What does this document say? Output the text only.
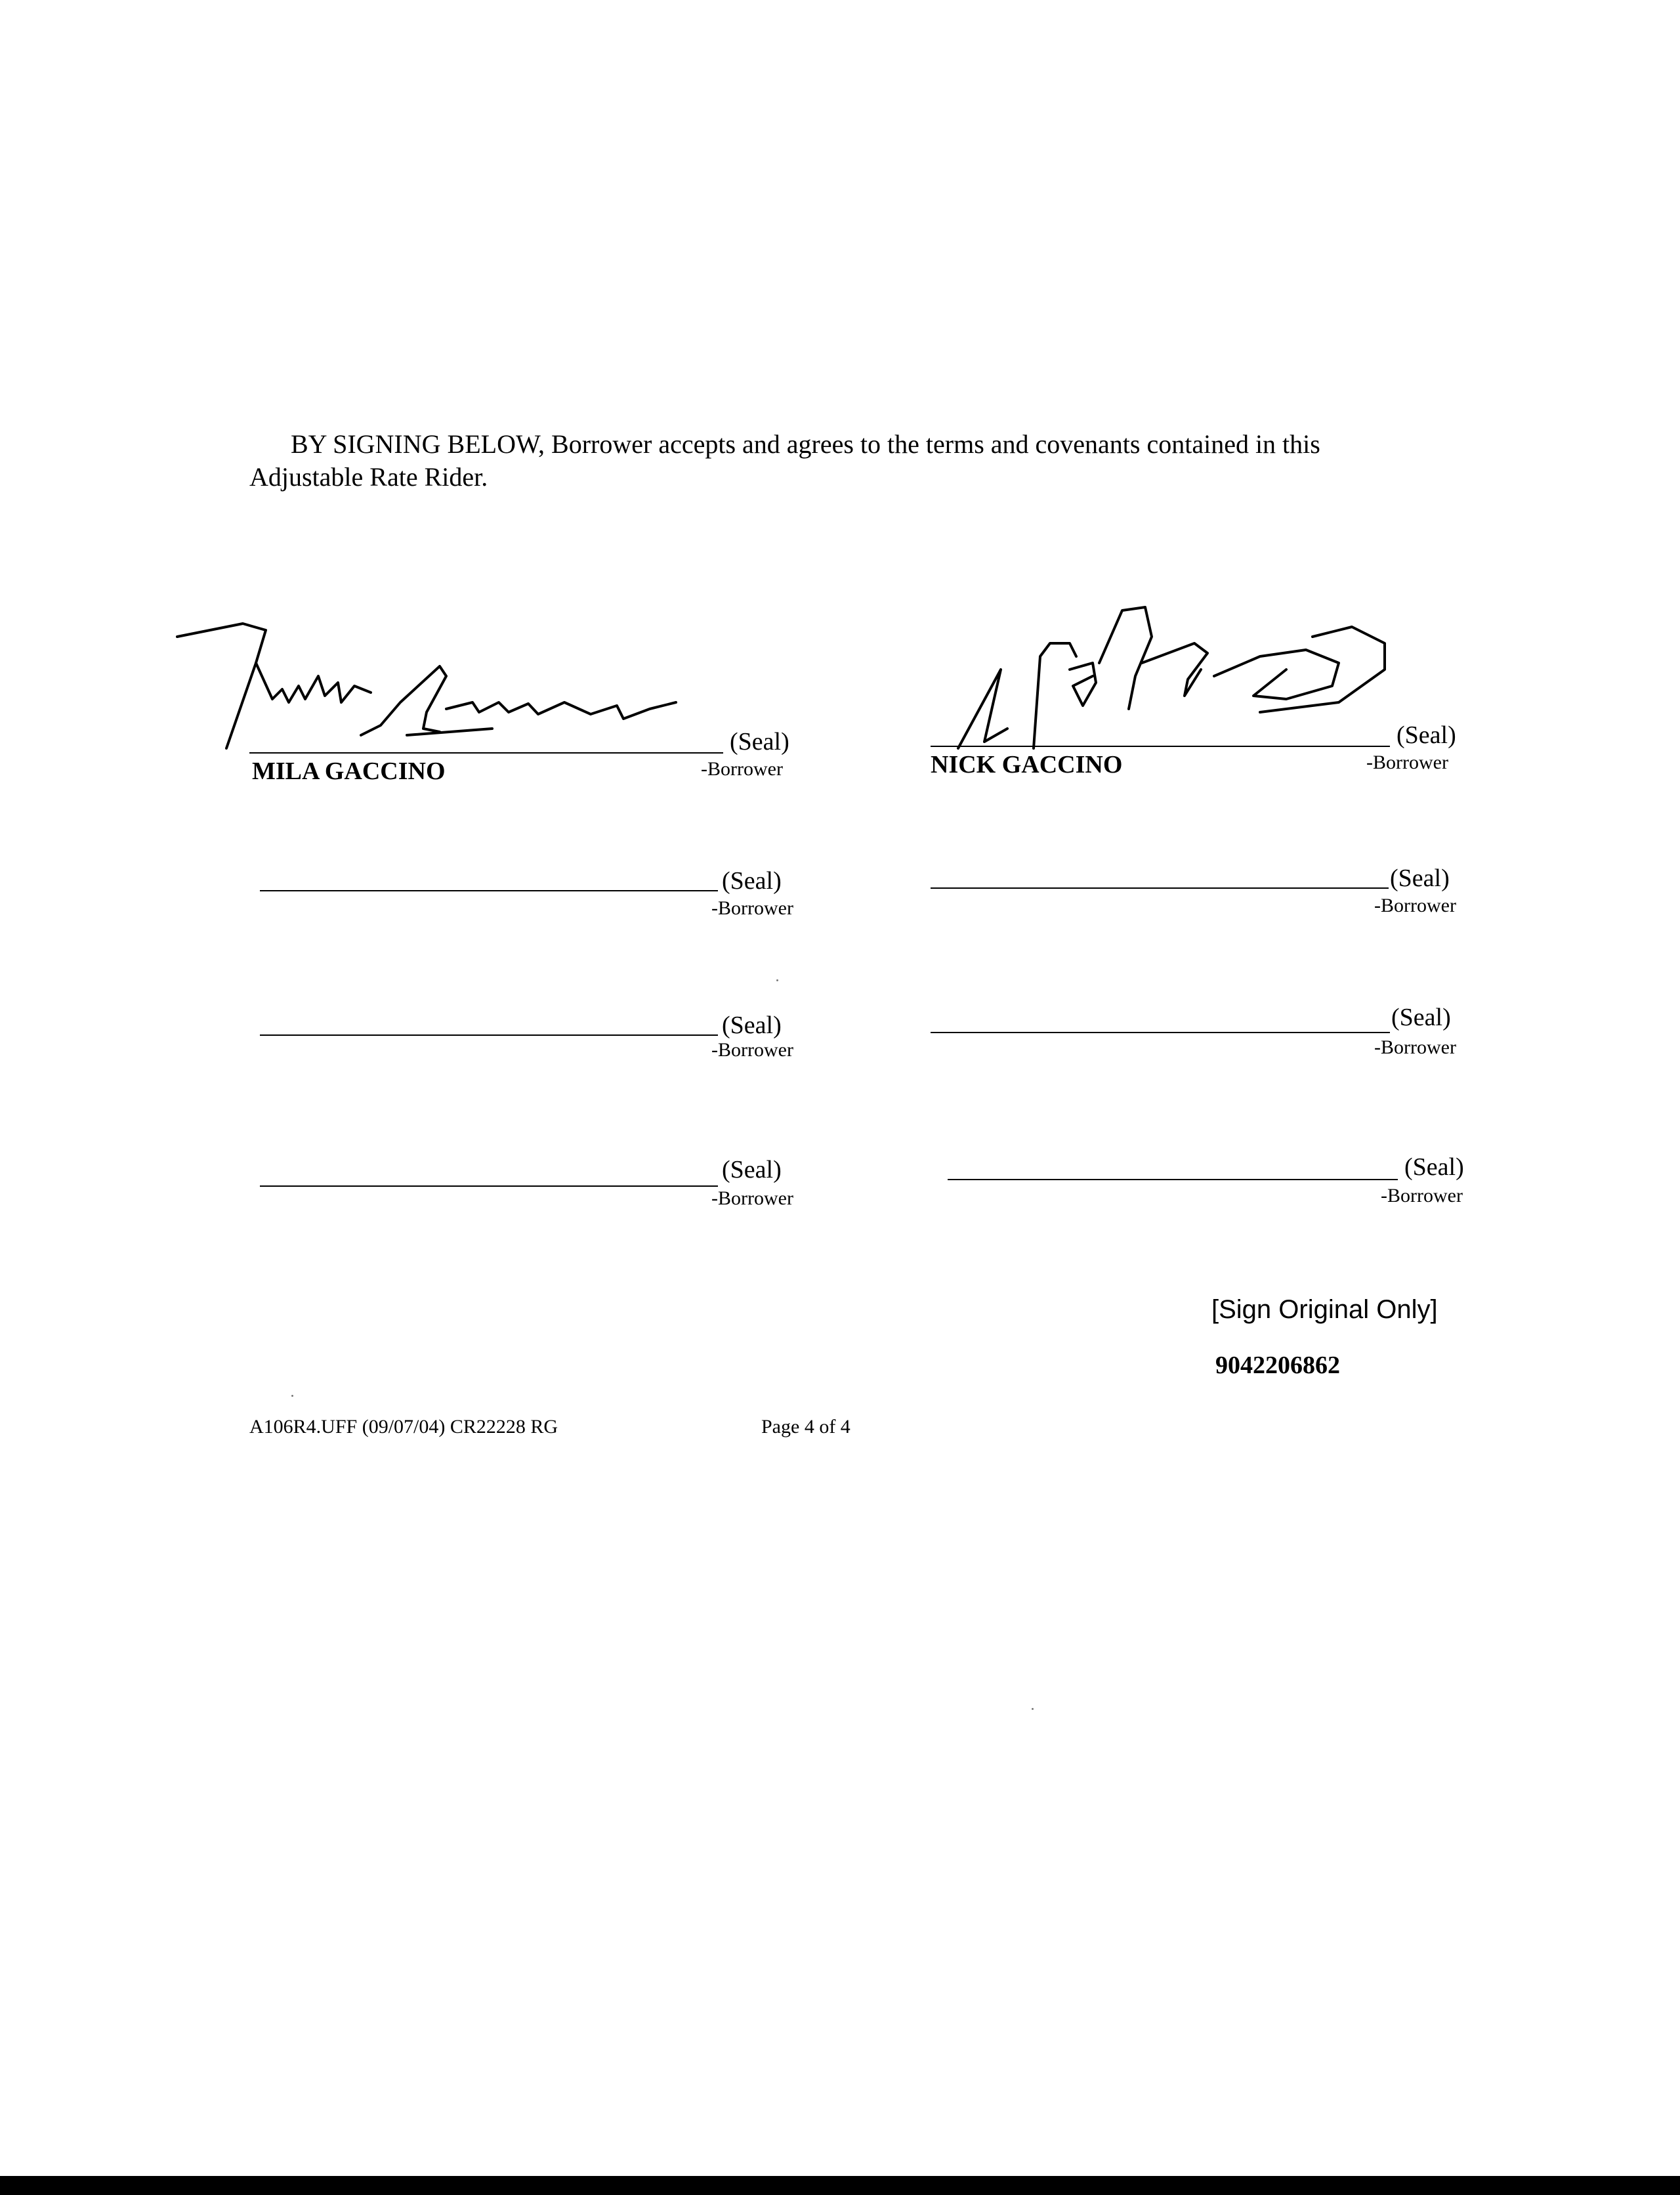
BY SIGNING BELOW, Borrower accepts and agrees to the terms and covenants contained in this
Adjustable Rate Rider.
(Seal)
-Borrower
MILA GACCINO
(Seal)
-Borrower
NICK GACCINO
(Seal)
-Borrower
(Seal)
-Borrower
(Seal)
-Borrower
(Seal)
-Borrower
(Seal)
-Borrower
(Seal)
-Borrower
[Sign Original Only]
9042206862
A106R4.UFF (09/07/04) CR22228 RG	Page 4 of 4
